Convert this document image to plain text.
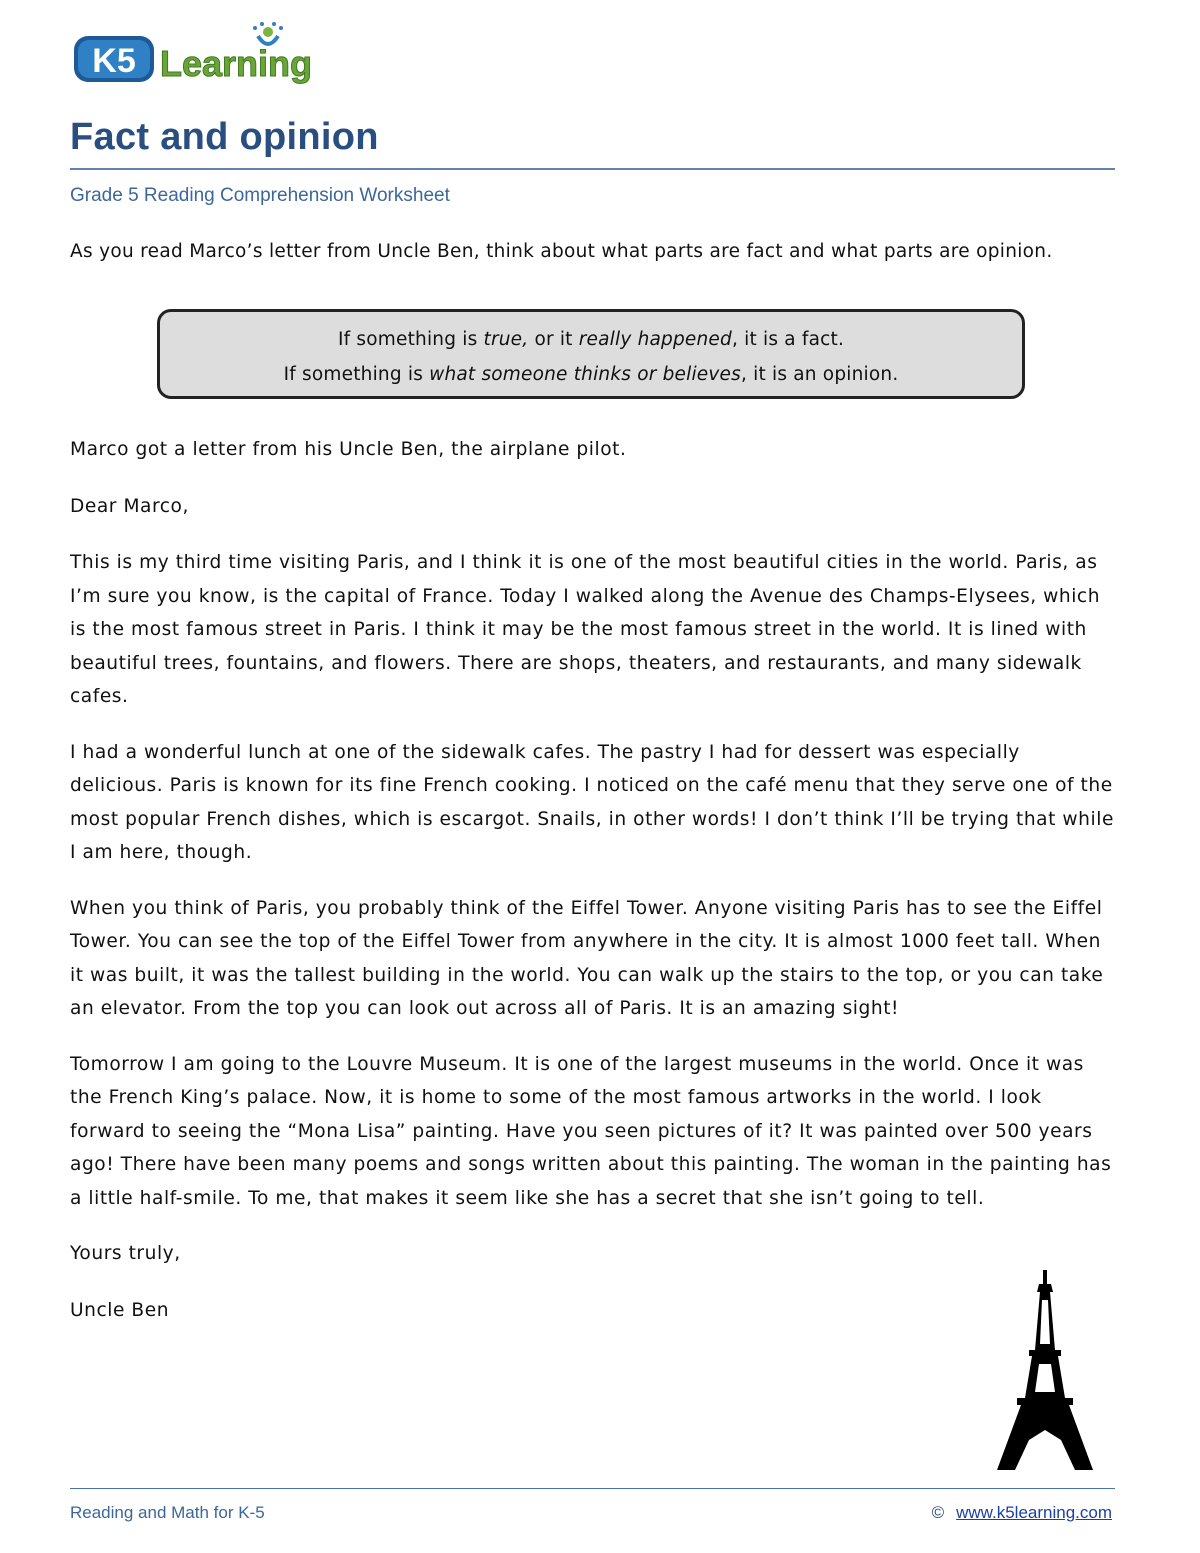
K5 Learning
Fact and opinion
Grade 5 Reading Comprehension Worksheet
As you read Marco’s letter from Uncle Ben, think about what parts are fact and what parts are opinion.
If something is true, or it really happened, it is a fact.
If something is what someone thinks or believes, it is an opinion.

Marco got a letter from his Uncle Ben, the airplane pilot.

Dear Marco,

This is my third time visiting Paris, and I think it is one of the most beautiful cities in the world. Paris, as I’m sure you know, is the capital of France. Today I walked along the Avenue des Champs-Elysees, which is the most famous street in Paris. I think it may be the most famous street in the world. It is lined with beautiful trees, fountains, and flowers. There are shops, theaters, and restaurants, and many sidewalk cafes.

I had a wonderful lunch at one of the sidewalk cafes. The pastry I had for dessert was especially delicious. Paris is known for its fine French cooking. I noticed on the café menu that they serve one of the most popular French dishes, which is escargot. Snails, in other words! I don’t think I’ll be trying that while I am here, though.

When you think of Paris, you probably think of the Eiffel Tower. Anyone visiting Paris has to see the Eiffel Tower. You can see the top of the Eiffel Tower from anywhere in the city. It is almost 1000 feet tall. When it was built, it was the tallest building in the world. You can walk up the stairs to the top, or you can take an elevator. From the top you can look out across all of Paris. It is an amazing sight!

Tomorrow I am going to the Louvre Museum. It is one of the largest museums in the world. Once it was the French King’s palace. Now, it is home to some of the most famous artworks in the world. I look forward to seeing the “Mona Lisa” painting. Have you seen pictures of it? It was painted over 500 years ago! There have been many poems and songs written about this painting. The woman in the painting has a little half-smile. To me, that makes it seem like she has a secret that she isn’t going to tell.

Yours truly,

Uncle Ben

Reading and Math for K-5	© www.k5learning.com
